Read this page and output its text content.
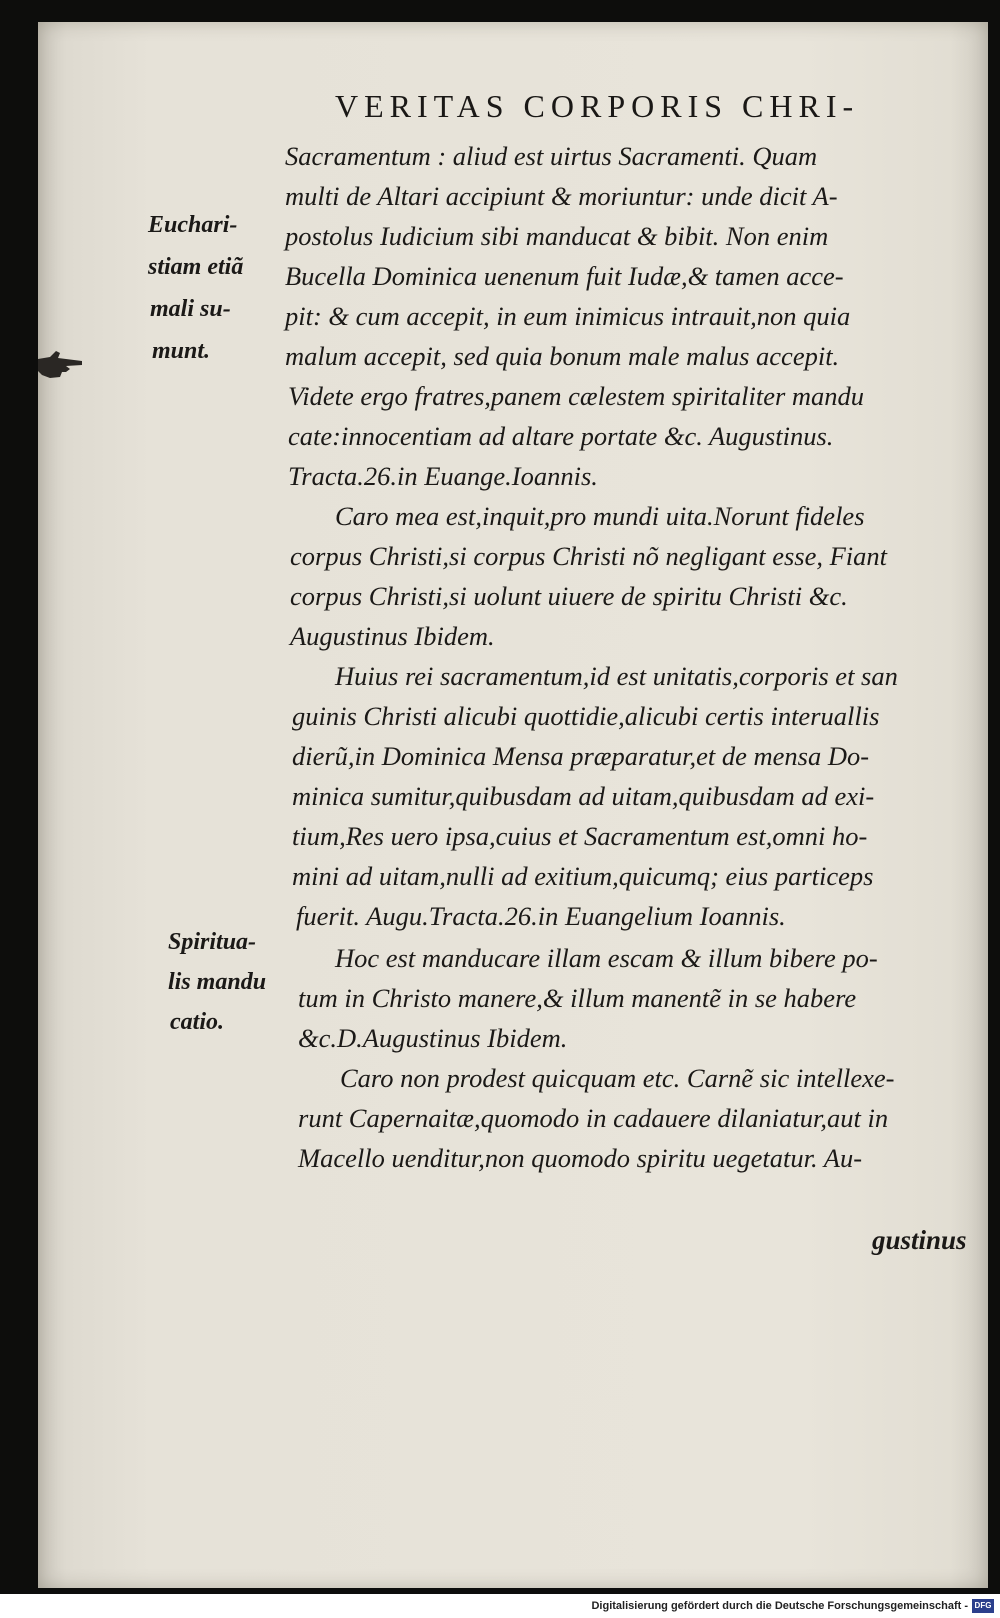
VERITAS CORPORIS CHRI-
Sacramentum : aliud est uirtus Sacramenti. Quam
multi de Altari accipiunt & moriuntur: unde dicit A-
postolus Iudicium sibi manducat & bibit. Non enim
Bucella Dominica uenenum fuit Iudæ,& tamen acce-
pit: & cum accepit, in eum inimicus intrauit,non quia
malum accepit, sed quia bonum male malus accepit.
Videte ergo fratres,panem cælestem spiritaliter mandu
cate:innocentiam ad altare portate &c. Augustinus.
Tracta.26.in Euange.Ioannis.
Caro mea est,inquit,pro mundi uita.Norunt fideles
corpus Christi,si corpus Christi nõ negligant esse, Fiant
corpus Christi,si uolunt uiuere de spiritu Christi &c.
Augustinus Ibidem.
Huius rei sacramentum,id est unitatis,corporis et san
guinis Christi alicubi quottidie,alicubi certis interuallis
dierũ,in Dominica Mensa præparatur,et de mensa Do-
minica sumitur,quibusdam ad uitam,quibusdam ad exi-
tium,Res uero ipsa,cuius et Sacramentum est,omni ho-
mini ad uitam,nulli ad exitium,quicumq; eius particeps
fuerit. Augu.Tracta.26.in Euangelium Ioannis.
Hoc est manducare illam escam & illum bibere po-
tum in Christo manere,& illum manentẽ in se habere
&c.D.Augustinus Ibidem.
Caro non prodest quicquam etc. Carnẽ sic intellexe-
runt Capernaitæ,quomodo in cadauere dilaniatur,aut in
Macello uenditur,non quomodo spiritu uegetatur. Au-
gustinus
Euchari-
stiam etiã
mali su-
munt.
Spiritua-
lis mandu
catio.
Digitalisierung gefördert durch die Deutsche Forschungsgemeinschaft - DFG
